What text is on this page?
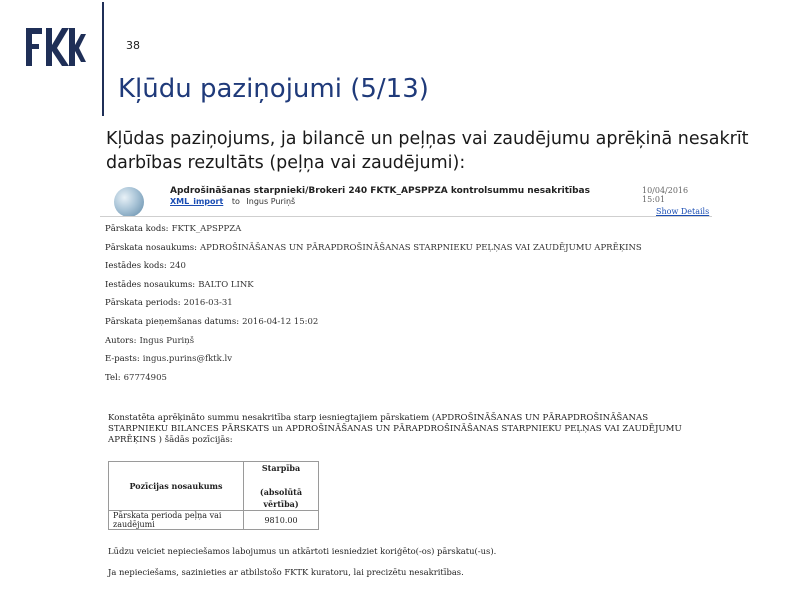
38
Kļūdu paziņojumi (5/13)
Kļūdas paziņojums, ja bilancē un peļņas vai zaudējumu aprēķinā nesakrīt darbības rezultāts (peļņa vai zaudējumi):
Apdrošināšanas starpnieki/Brokeri 240 FKTK_APSPPZA kontrolsummu nesakritības
XML_import to Ingus Puriņš
10/04/2016 15:01
Show Details
Pārskata kods: FKTK_APSPPZA
Pārskata nosaukums: APDROŠINĀŠANAS UN PĀRAPDROŠINĀŠANAS STARPNIEKU PEĻŅAS VAI ZAUDĒJUMU APRĒĶINS
Iestādes kods: 240
Iestādes nosaukums: BALTO LINK
Pārskata periods: 2016-03-31
Pārskata pieņemšanas datums: 2016-04-12 15:02
Autors: Ingus Puriņš
E-pasts: ingus.purins@fktk.lv
Tel: 67774905
Konstatēta aprēķināto summu nesakritība starp iesniegtajiem pārskatiem (APDROŠINĀŠANAS UN PĀRAPDROŠINĀŠANAS STARPNIEKU BILANCES PĀRSKATS un APDROŠINĀŠANAS UN PĀRAPDROŠINĀŠANAS STARPNIEKU PEĻŅAS VAI ZAUDĒJUMU APRĒĶINS ) šādās pozīcijās:
Pozīcijas nosaukums	Starpība

(absolūtā vērtība)
Pārskata perioda peļņa vai zaudējumi	9810.00
Lūdzu veiciet nepieciešamos labojumus un atkārtoti iesniedziet koriģēto(-os) pārskatu(-us).
Ja nepieciešams, sazinieties ar atbilstošo FKTK kuratoru, lai precizētu nesakritības.
